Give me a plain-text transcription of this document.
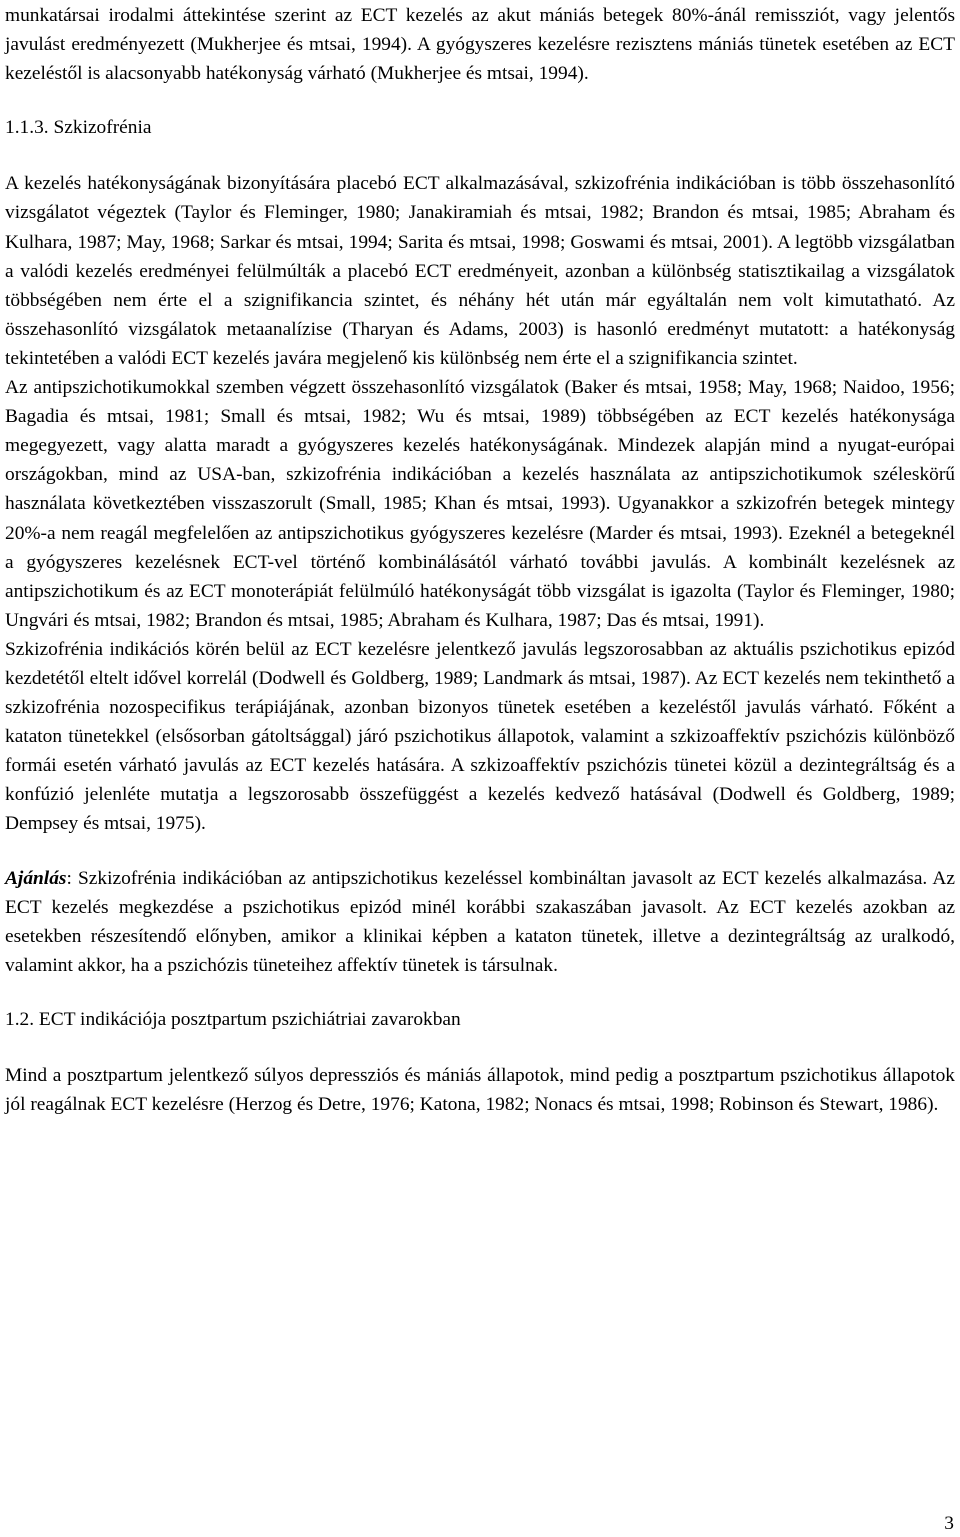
munkatársai irodalmi áttekintése szerint az ECT kezelés az akut mániás betegek 80%-ánál remissziót, vagy jelentős javulást eredményezett (Mukherjee és mtsai, 1994). A gyógyszeres kezelésre rezisztens mániás tünetek esetében az ECT kezeléstől is alacsonyabb hatékonyság várható (Mukherjee és mtsai, 1994).

1.1.3. Szkizofrénia

A kezelés hatékonyságának bizonyítására placebó ECT alkalmazásával, szkizofrénia indikációban is több összehasonlító vizsgálatot végeztek (Taylor és Fleminger, 1980; Janakiramiah és mtsai, 1982; Brandon és mtsai, 1985; Abraham és Kulhara, 1987; May, 1968; Sarkar és mtsai, 1994; Sarita és mtsai, 1998; Goswami és mtsai, 2001). A legtöbb vizsgálatban a valódi kezelés eredményei felülmúlták a placebó ECT eredményeit, azonban a különbség statisztikailag a vizsgálatok többségében nem érte el a szignifikancia szintet, és néhány hét után már egyáltalán nem volt kimutatható. Az összehasonlító vizsgálatok metaanalízise (Tharyan és Adams, 2003) is hasonló eredményt mutatott: a hatékonyság tekintetében a valódi ECT kezelés javára megjelenő kis különbség nem érte el a szignifikancia szintet.

Az antipszichotikumokkal szemben végzett összehasonlító vizsgálatok (Baker és mtsai, 1958; May, 1968; Naidoo, 1956; Bagadia és mtsai, 1981; Small és mtsai, 1982; Wu és mtsai, 1989) többségében az ECT kezelés hatékonysága megegyezett, vagy alatta maradt a gyógyszeres kezelés hatékonyságának. Mindezek alapján mind a nyugat-európai országokban, mind az USA-ban, szkizofrénia indikációban a kezelés használata az antipszichotikumok széleskörű használata következtében visszaszorult (Small, 1985; Khan és mtsai, 1993). Ugyanakkor a szkizofrén betegek mintegy 20%-a nem reagál megfelelően az antipszichotikus gyógyszeres kezelésre (Marder és mtsai, 1993). Ezeknél a betegeknél a gyógyszeres kezelésnek ECT-vel történő kombinálásától várható további javulás. A kombinált kezelésnek az antipszichotikum és az ECT monoterápiát felülmúló hatékonyságát több vizsgálat is igazolta (Taylor és Fleminger, 1980; Ungvári és mtsai, 1982; Brandon és mtsai, 1985; Abraham és Kulhara, 1987; Das és mtsai, 1991).

Szkizofrénia indikációs körén belül az ECT kezelésre jelentkező javulás legszorosabban az aktuális pszichotikus epizód kezdetétől eltelt idővel korrelál (Dodwell és Goldberg, 1989; Landmark ás mtsai, 1987). Az ECT kezelés nem tekinthető a szkizofrénia nozospecifikus terápiájának, azonban bizonyos tünetek esetében a kezeléstől javulás várható. Főként a kataton tünetekkel (elsősorban gátoltsággal) járó pszichotikus állapotok, valamint a szkizoaffektív pszichózis különböző formái esetén várható javulás az ECT kezelés hatására. A szkizoaffektív pszichózis tünetei közül a dezintegráltság és a konfúzió jelenléte mutatja a legszorosabb összefüggést a kezelés kedvező hatásával (Dodwell és Goldberg, 1989; Dempsey és mtsai, 1975).

Ajánlás: Szkizofrénia indikációban az antipszichotikus kezeléssel kombináltan javasolt az ECT kezelés alkalmazása. Az ECT kezelés megkezdése a pszichotikus epizód minél korábbi szakaszában javasolt. Az ECT kezelés azokban az esetekben részesítendő előnyben, amikor a klinikai képben a kataton tünetek, illetve a dezintegráltság az uralkodó, valamint akkor, ha a pszichózis tüneteihez affektív tünetek is társulnak.

1.2. ECT indikációja posztpartum pszichiátriai zavarokban

Mind a posztpartum jelentkező súlyos depressziós és mániás állapotok, mind pedig a posztpartum pszichotikus állapotok jól reagálnak ECT kezelésre (Herzog és Detre, 1976; Katona, 1982; Nonacs és mtsai, 1998; Robinson és Stewart, 1986).

3
